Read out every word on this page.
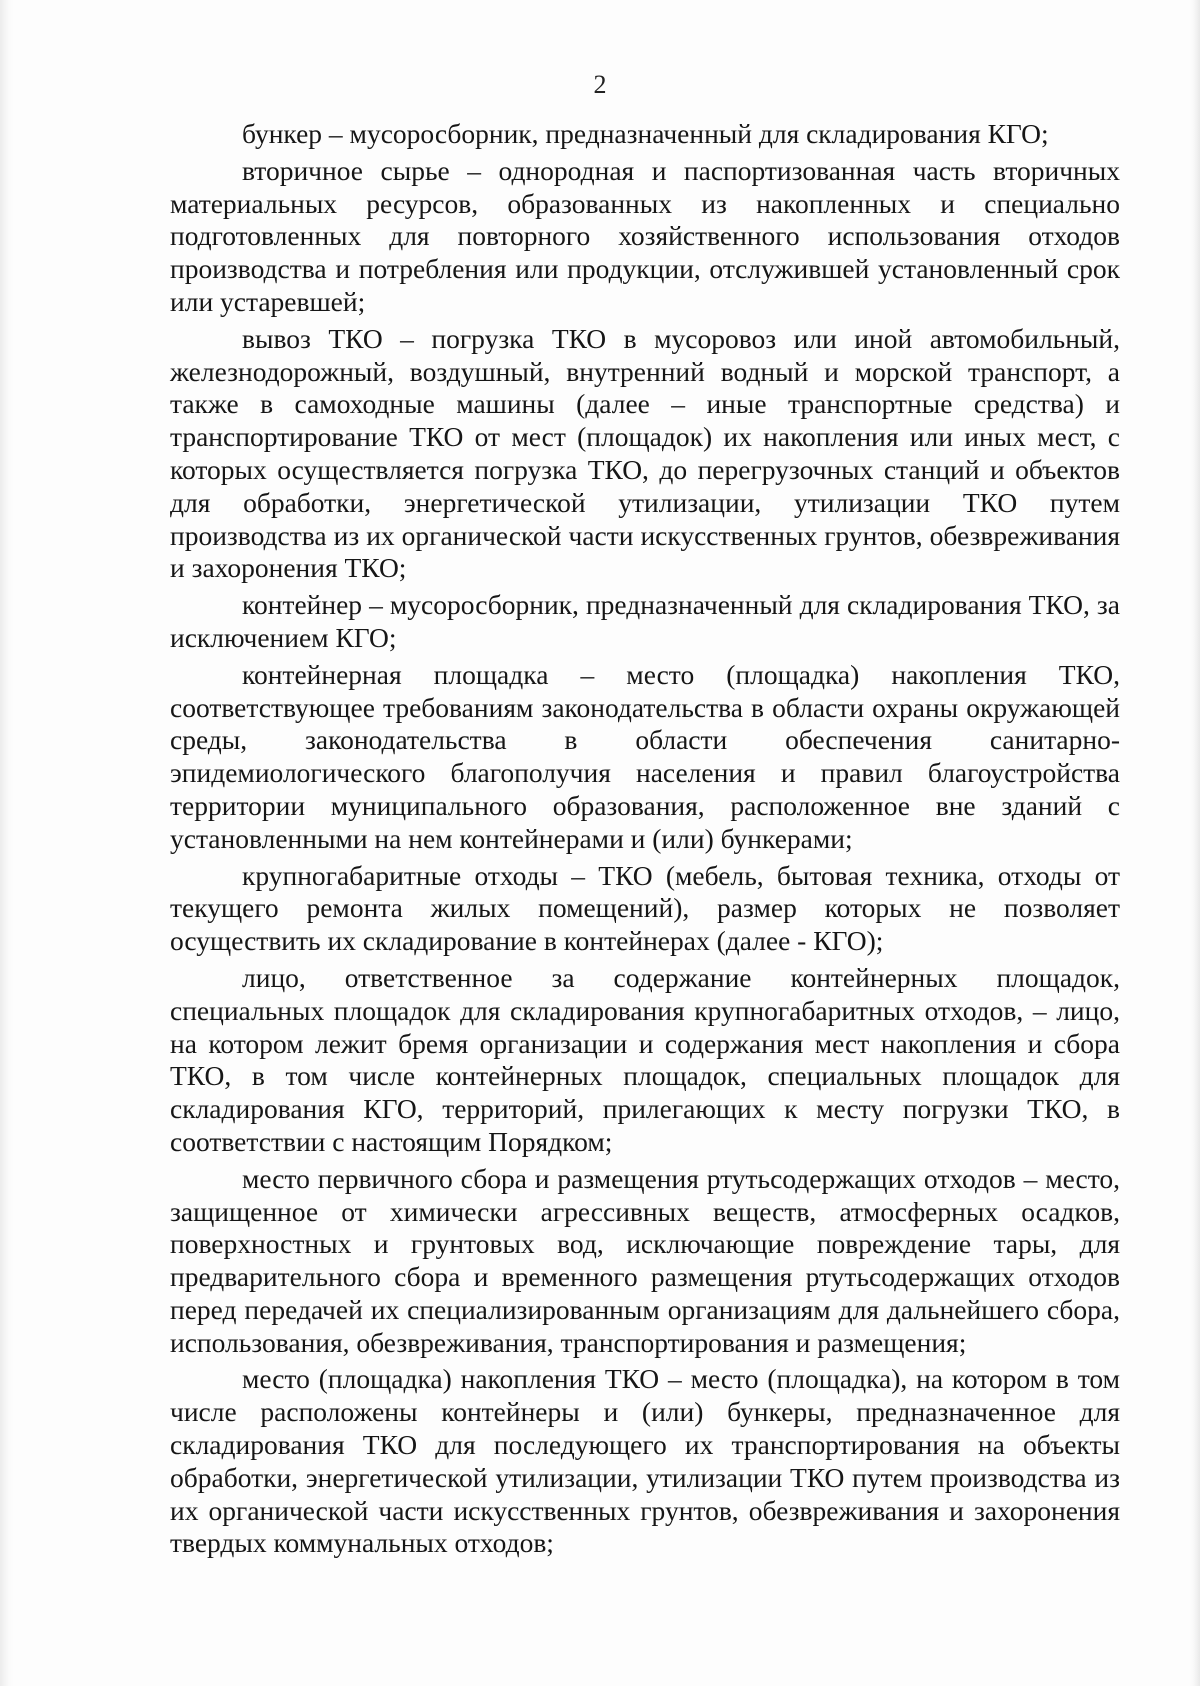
2

бункер – мусоросборник, предназначенный для складирования КГО;

вторичное сырье – однородная и паспортизованная часть вторичных материальных ресурсов, образованных из накопленных и специально подготовленных для повторного хозяйственного использования отходов производства и потребления или продукции, отслужившей установленный срок или устаревшей;

вывоз ТКО – погрузка ТКО в мусоровоз или иной автомобильный, железнодорожный, воздушный, внутренний водный и морской транспорт, а также в самоходные машины (далее – иные транспортные средства) и транспортирование ТКО от мест (площадок) их накопления или иных мест, с которых осуществляется погрузка ТКО, до перегрузочных станций и объектов для обработки, энергетической утилизации, утилизации ТКО путем производства из их органической части искусственных грунтов, обезвреживания и захоронения ТКО;

контейнер – мусоросборник, предназначенный для складирования ТКО, за исключением КГО;

контейнерная площадка – место (площадка) накопления ТКО, соответствующее требованиям законодательства в области охраны окружающей среды, законодательства в области обеспечения санитарно-эпидемиологического благополучия населения и правил благоустройства территории муниципального образования, расположенное вне зданий с установленными на нем контейнерами и (или) бункерами;

крупногабаритные отходы – ТКО (мебель, бытовая техника, отходы от текущего ремонта жилых помещений), размер которых не позволяет осуществить их складирование в контейнерах (далее - КГО);

лицо, ответственное за содержание контейнерных площадок, специальных площадок для складирования крупногабаритных отходов, – лицо, на котором лежит бремя организации и содержания мест накопления и сбора ТКО, в том числе контейнерных площадок, специальных площадок для складирования КГО, территорий, прилегающих к месту погрузки ТКО, в соответствии с настоящим Порядком;

место первичного сбора и размещения ртутьсодержащих отходов – место, защищенное от химически агрессивных веществ, атмосферных осадков, поверхностных и грунтовых вод, исключающие повреждение тары, для предварительного сбора и временного размещения ртутьсодержащих отходов перед передачей их специализированным организациям для дальнейшего сбора, использования, обезвреживания, транспортирования и размещения;

место (площадка) накопления ТКО – место (площадка), на котором в том числе расположены контейнеры и (или) бункеры, предназначенное для складирования ТКО для последующего их транспортирования на объекты обработки, энергетической утилизации, утилизации ТКО путем производства из их органической части искусственных грунтов, обезвреживания и захоронения твердых коммунальных отходов;
